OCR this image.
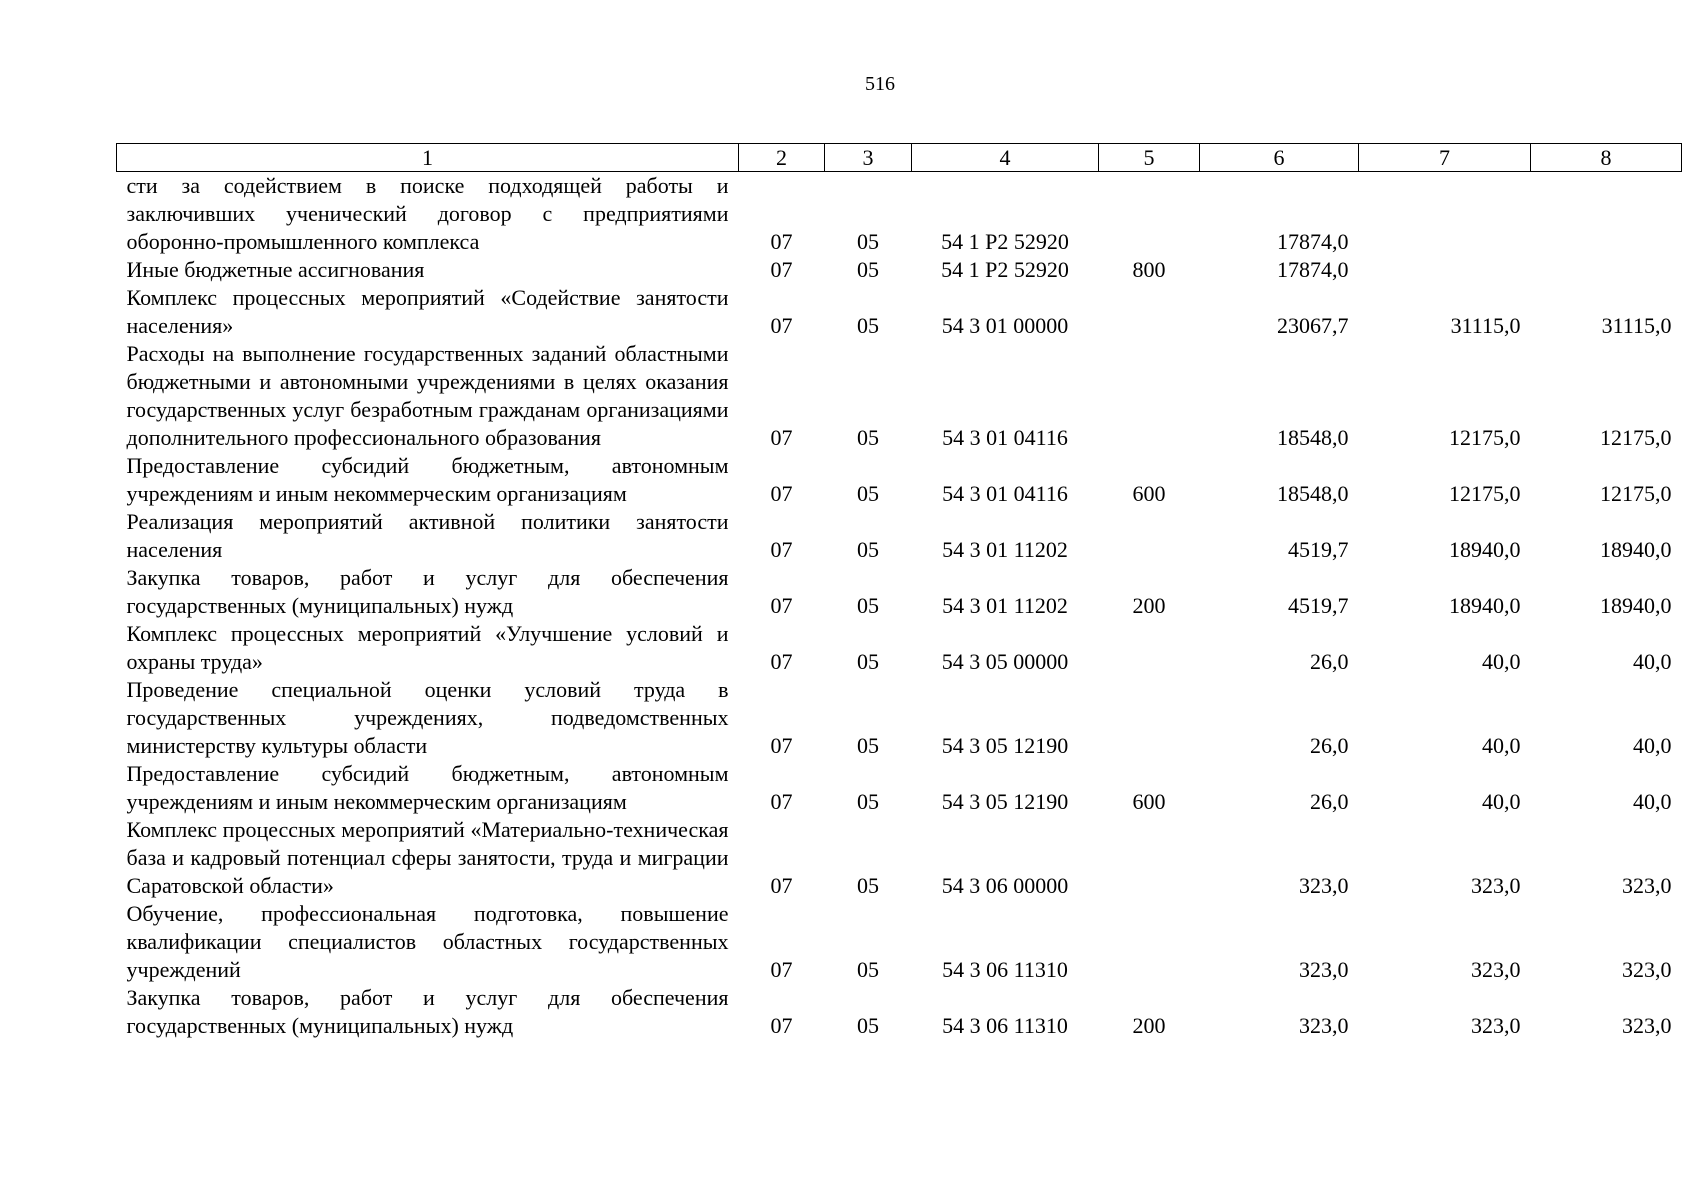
516
1	2	3	4	5	6	7	8
сти за содействием в поиске подходящей работы и заключивших ученический договор с предприятиями оборонно-промышленного комплекса	07	05	54 1 Р2 52920		17874,0		
Иные бюджетные ассигнования	07	05	54 1 Р2 52920	800	17874,0		
Комплекс процессных мероприятий «Содействие занятости населения»	07	05	54 3 01 00000		23067,7	31115,0	31115,0
Расходы на выполнение государственных заданий областными бюджетными и автономными учреждениями в целях оказания государственных услуг безработным гражданам организациями дополнительного профессионального образования	07	05	54 3 01 04116		18548,0	12175,0	12175,0
Предоставление субсидий бюджетным, автономным учреждениям и иным некоммерческим организациям	07	05	54 3 01 04116	600	18548,0	12175,0	12175,0
Реализация мероприятий активной политики занятости населения	07	05	54 3 01 11202		4519,7	18940,0	18940,0
Закупка товаров, работ и услуг для обеспечения государственных (муниципальных) нужд	07	05	54 3 01 11202	200	4519,7	18940,0	18940,0
Комплекс процессных мероприятий «Улучшение условий и охраны труда»	07	05	54 3 05 00000		26,0	40,0	40,0
Проведение специальной оценки условий труда в государственных учреждениях, подведомственных министерству культуры области	07	05	54 3 05 12190		26,0	40,0	40,0
Предоставление субсидий бюджетным, автономным учреждениям и иным некоммерческим организациям	07	05	54 3 05 12190	600	26,0	40,0	40,0
Комплекс процессных мероприятий «Материально-техническая база и кадровый потенциал сферы занятости, труда и миграции Саратовской области»	07	05	54 3 06 00000		323,0	323,0	323,0
Обучение, профессиональная подготовка, повышение квалификации специалистов областных государственных учреждений	07	05	54 3 06 11310		323,0	323,0	323,0
Закупка товаров, работ и услуг для обеспечения государственных (муниципальных) нужд	07	05	54 3 06 11310	200	323,0	323,0	323,0
